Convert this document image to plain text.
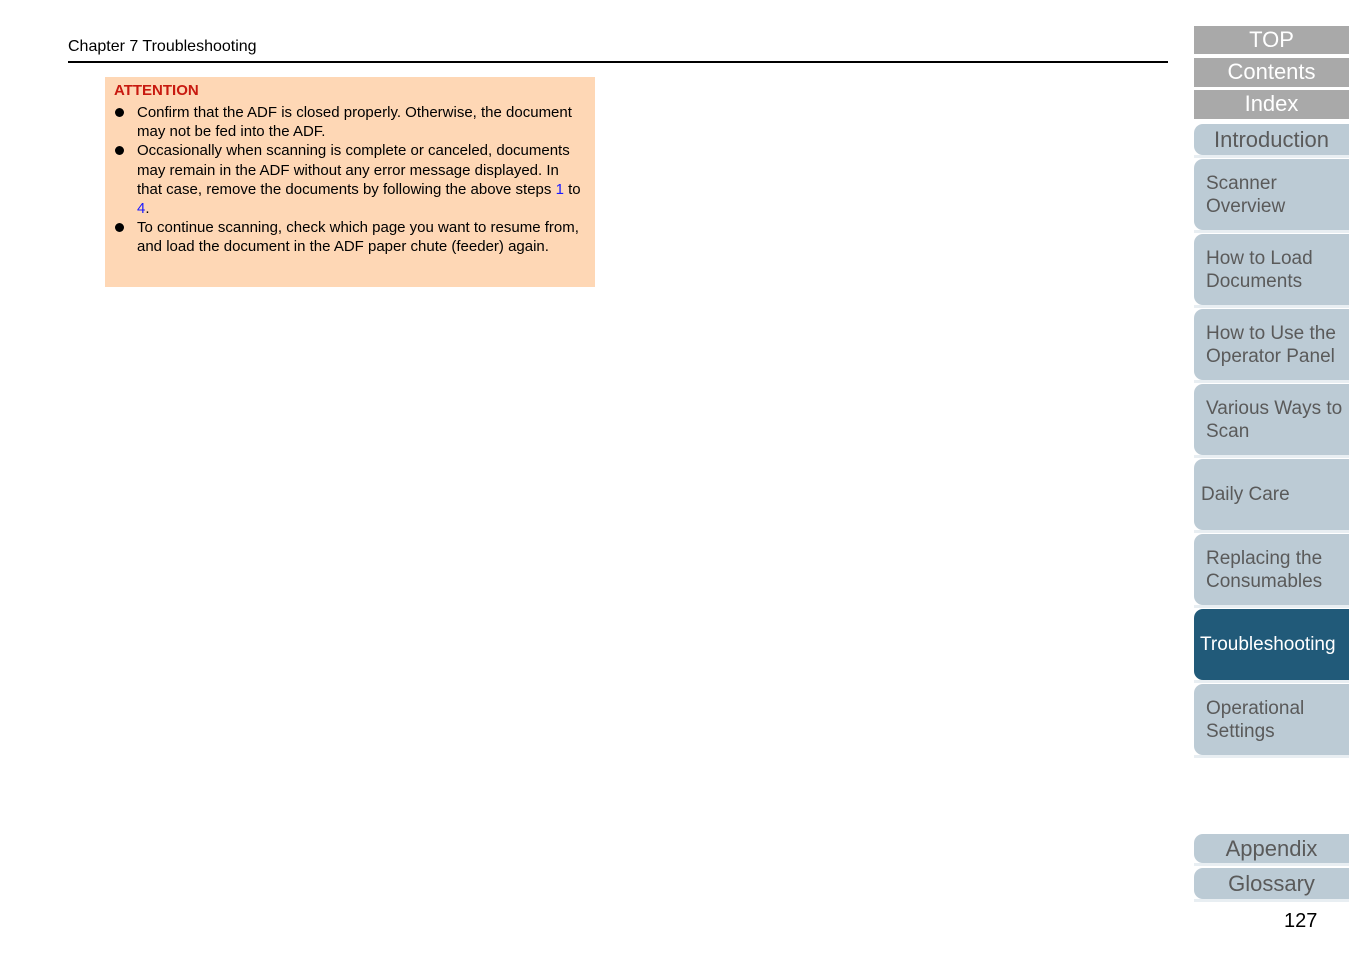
Chapter 7 Troubleshooting
ATTENTION
Confirm that the ADF is closed properly. Otherwise, the document may not be fed into the ADF.
Occasionally when scanning is complete or canceled, documents may remain in the ADF without any error message displayed. In that case, remove the documents by following the above steps 1 to 4.
To continue scanning, check which page you want to resume from, and load the document in the ADF paper chute (feeder) again.
TOP
Contents
Index
Introduction
Scanner Overview
How to Load Documents
How to Use the Operator Panel
Various Ways to Scan
Daily Care
Replacing the Consumables
Troubleshooting
Operational Settings
Appendix
Glossary
127
